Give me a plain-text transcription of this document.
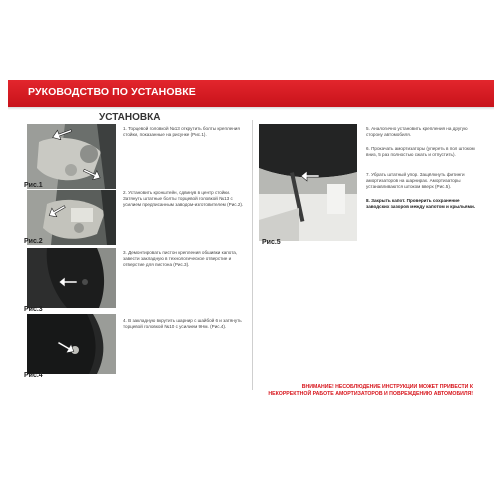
РУКОВОДСТВО ПО УСТАНОВКЕ
УСТАНОВКА
Рис.1
1. Торцевой головкой №13 открутить болты крепления стойки, показанные на рисунке (Рис.1).
Рис.2
2. Установить кронштейн, сдвинув в центр стойки. Затянуть штатные болты торцевой головкой №13 с усилием предписанным заводом-изготовителем (Рис.2).
Рис.3
3. Демонтировать пистон крепления обшивки капота, завести закладную в технологическое отверстие и отверстие для пистона (Рис.3).
Рис.4
4. В закладную вкрутить шарнир с шайбой 6 и затянуть торцевой головкой №10 с усилием 9Нм. (Рис.4).
Рис.5
5. Аналогично установить крепления на другую сторону автомобиля.
6. Прокачать амортизаторы (упереть в пол штоком вниз, 5 раз полностью сжать и отпустить).
7. Убрать штатный упор. Защёлкнуть фитинги амортизаторов на шарнирах. Амортизаторы устанавливаются штоком вверх (Рис.5).
8. Закрыть капот. Проверить сохранение заводских зазоров между капотом и крыльями.
ВНИМАНИЕ! НЕСОБЛЮДЕНИЕ ИНСТРУКЦИИ МОЖЕТ ПРИВЕСТИ К
НЕКОРРЕКТНОЙ РАБОТЕ АМОРТИЗАТОРОВ И ПОВРЕЖДЕНИЮ АВТОМОБИЛЯ!
